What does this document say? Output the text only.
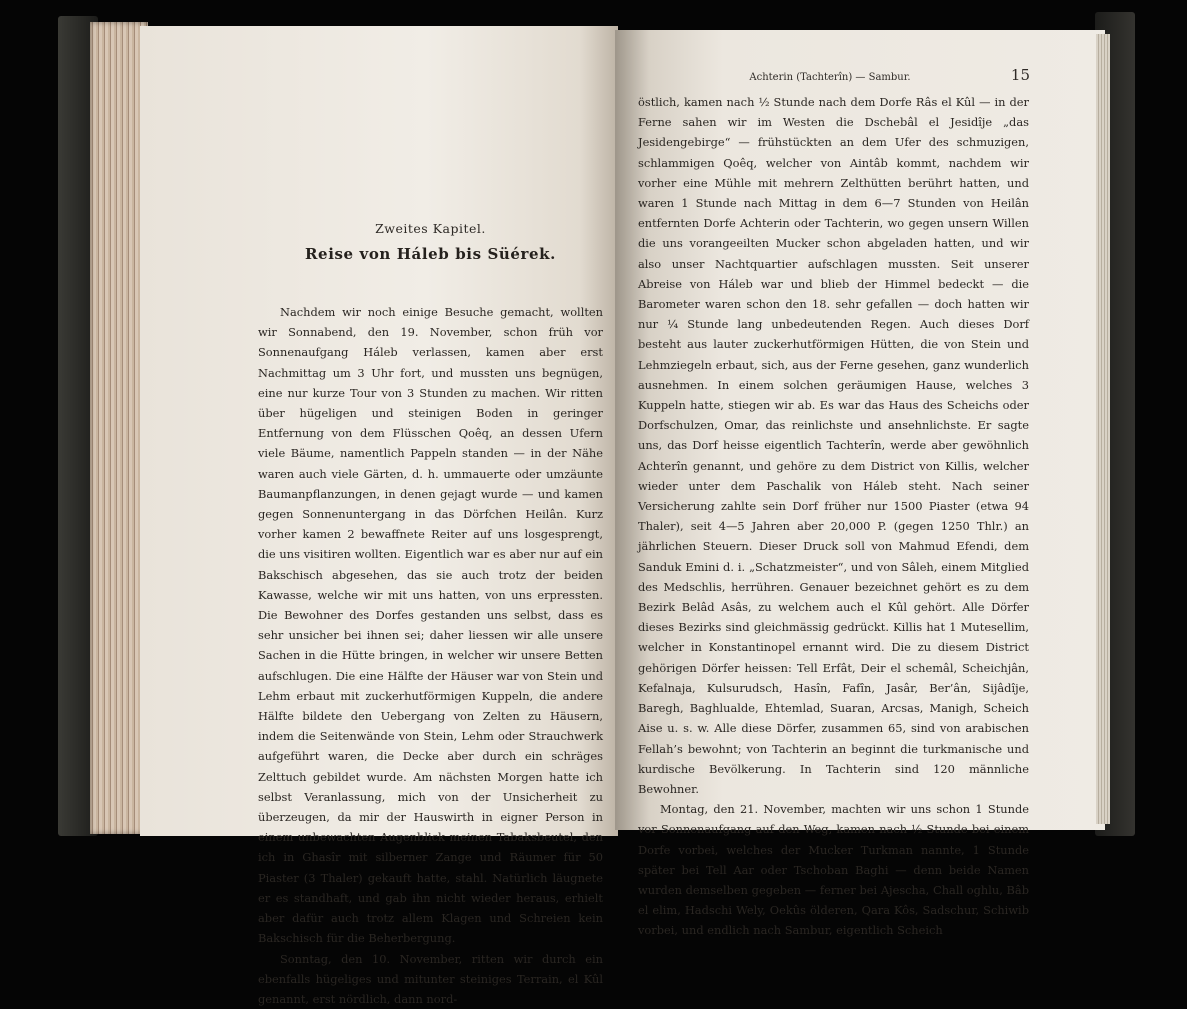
Zweites Kapitel.
Reise von Háleb bis Süérek.

Nachdem wir noch einige Besuche gemacht, wollten wir Sonnabend, den 19. November, schon früh vor Sonnenaufgang Háleb verlassen, kamen aber erst Nachmittag um 3 Uhr fort, und mussten uns begnügen, eine nur kurze Tour von 3 Stunden zu machen. Wir ritten über hügeligen und steinigen Boden in geringer Entfernung von dem Flüsschen Qoêq, an dessen Ufern viele Bäume, namentlich Pappeln standen — in der Nähe waren auch viele Gärten, d. h. ummauerte oder umzäunte Baumanpflanzungen, in denen gejagt wurde — und kamen gegen Sonnenuntergang in das Dörfchen Heilân. Kurz vorher kamen 2 bewaffnete Reiter auf uns losgesprengt, die uns visitiren wollten. Eigentlich war es aber nur auf ein Bakschisch abgesehen, das sie auch trotz der beiden Kawasse, welche wir mit uns hatten, von uns erpressten. Die Bewohner des Dorfes gestanden uns selbst, dass es sehr unsicher bei ihnen sei; daher liessen wir alle unsere Sachen in die Hütte bringen, in welcher wir unsere Betten aufschlugen. Die eine Hälfte der Häuser war von Stein und Lehm erbaut mit zuckerhutförmigen Kuppeln, die andere Hälfte bildete den Uebergang von Zelten zu Häusern, indem die Seitenwände von Stein, Lehm oder Strauchwerk aufgeführt waren, die Decke aber durch ein schräges Zelttuch gebildet wurde. Am nächsten Morgen hatte ich selbst Veranlassung, mich von der Unsicherheit zu überzeugen, da mir der Hauswirth in eigner Person in einem unbewachten Augenblick meinen Tabaksbeutel, den ich in Ghasîr mit silberner Zange und Räumer für 50 Piaster (3 Thaler) gekauft hatte, stahl. Natürlich läugnete er es standhaft, und gab ihn nicht wieder heraus, erhielt aber dafür auch trotz allem Klagen und Schreien kein Bakschisch für die Beherbergung.

Sonntag, den 10. November, ritten wir durch ein ebenfalls hügeliges und mitunter steiniges Terrain, el Kûl genannt, erst nördlich, dann nord-

Achterin (Tachterîn) — Sambur.	15

östlich, kamen nach ½ Stunde nach dem Dorfe Râs el Kûl — in der Ferne sahen wir im Westen die Dschebâl el Jesidîje „das Jesidengebirge“ — frühstückten an dem Ufer des schmuzigen, schlammigen Qoêq, welcher von Aintâb kommt, nachdem wir vorher eine Mühle mit mehrern Zelthütten berührt hatten, und waren 1 Stunde nach Mittag in dem 6—7 Stunden von Heilân entfernten Dorfe Achterin oder Tachterin, wo gegen unsern Willen die uns vorangeeilten Mucker schon abgeladen hatten, und wir also unser Nachtquartier aufschlagen mussten. Seit unserer Abreise von Háleb war und blieb der Himmel bedeckt — die Barometer waren schon den 18. sehr gefallen — doch hatten wir nur ¼ Stunde lang unbedeutenden Regen. Auch dieses Dorf besteht aus lauter zuckerhutförmigen Hütten, die von Stein und Lehmziegeln erbaut, sich, aus der Ferne gesehen, ganz wunderlich ausnehmen. In einem solchen geräumigen Hause, welches 3 Kuppeln hatte, stiegen wir ab. Es war das Haus des Scheichs oder Dorfschulzen, Omar, das reinlichste und ansehnlichste. Er sagte uns, das Dorf heisse eigentlich Tachterîn, werde aber gewöhnlich Achterîn genannt, und gehöre zu dem District von Killis, welcher wieder unter dem Paschalik von Háleb steht. Nach seiner Versicherung zahlte sein Dorf früher nur 1500 Piaster (etwa 94 Thaler), seit 4—5 Jahren aber 20,000 P. (gegen 1250 Thlr.) an jährlichen Steuern. Dieser Druck soll von Mahmud Efendi, dem Sanduk Emini d. i. „Schatzmeister“, und von Sâleh, einem Mitglied des Medschlis, herrühren. Genauer bezeichnet gehört es zu dem Bezirk Belâd Asâs, zu welchem auch el Kûl gehört. Alle Dörfer dieses Bezirks sind gleichmässig gedrückt. Killis hat 1 Mutesellim, welcher in Konstantinopel ernannt wird. Die zu diesem District gehörigen Dörfer heissen: Tell Erfât, Deir el schemâl, Scheichjân, Kefalnaja, Kulsurudsch, Hasîn, Fafîn, Jasâr, Ber’ân, Sijâdîje, Baregh, Baghlualde, Ehtemlad, Suaran, Arcsas, Manigh, Scheich Aise u. s. w. Alle diese Dörfer, zusammen 65, sind von arabischen Fellah’s bewohnt; von Tachterin an beginnt die turkmanische und kurdische Bevölkerung. In Tachterin sind 120 männliche Bewohner.

Montag, den 21. November, machten wir uns schon 1 Stunde vor Sonnenaufgang auf den Weg, kamen nach ½ Stunde bei einem Dorfe vorbei, welches der Mucker Turkman nannte, 1 Stunde später bei Tell Aar oder Tschoban Baghi — denn beide Namen wurden demselben gegeben — ferner bei Ajescha, Chall oghlu, Bâb el elim, Hadschi Wely, Oekûs ölderen, Qara Kôs, Sadschur, Schiwib vorbei, und endlich nach Sambur, eigentlich Scheich
